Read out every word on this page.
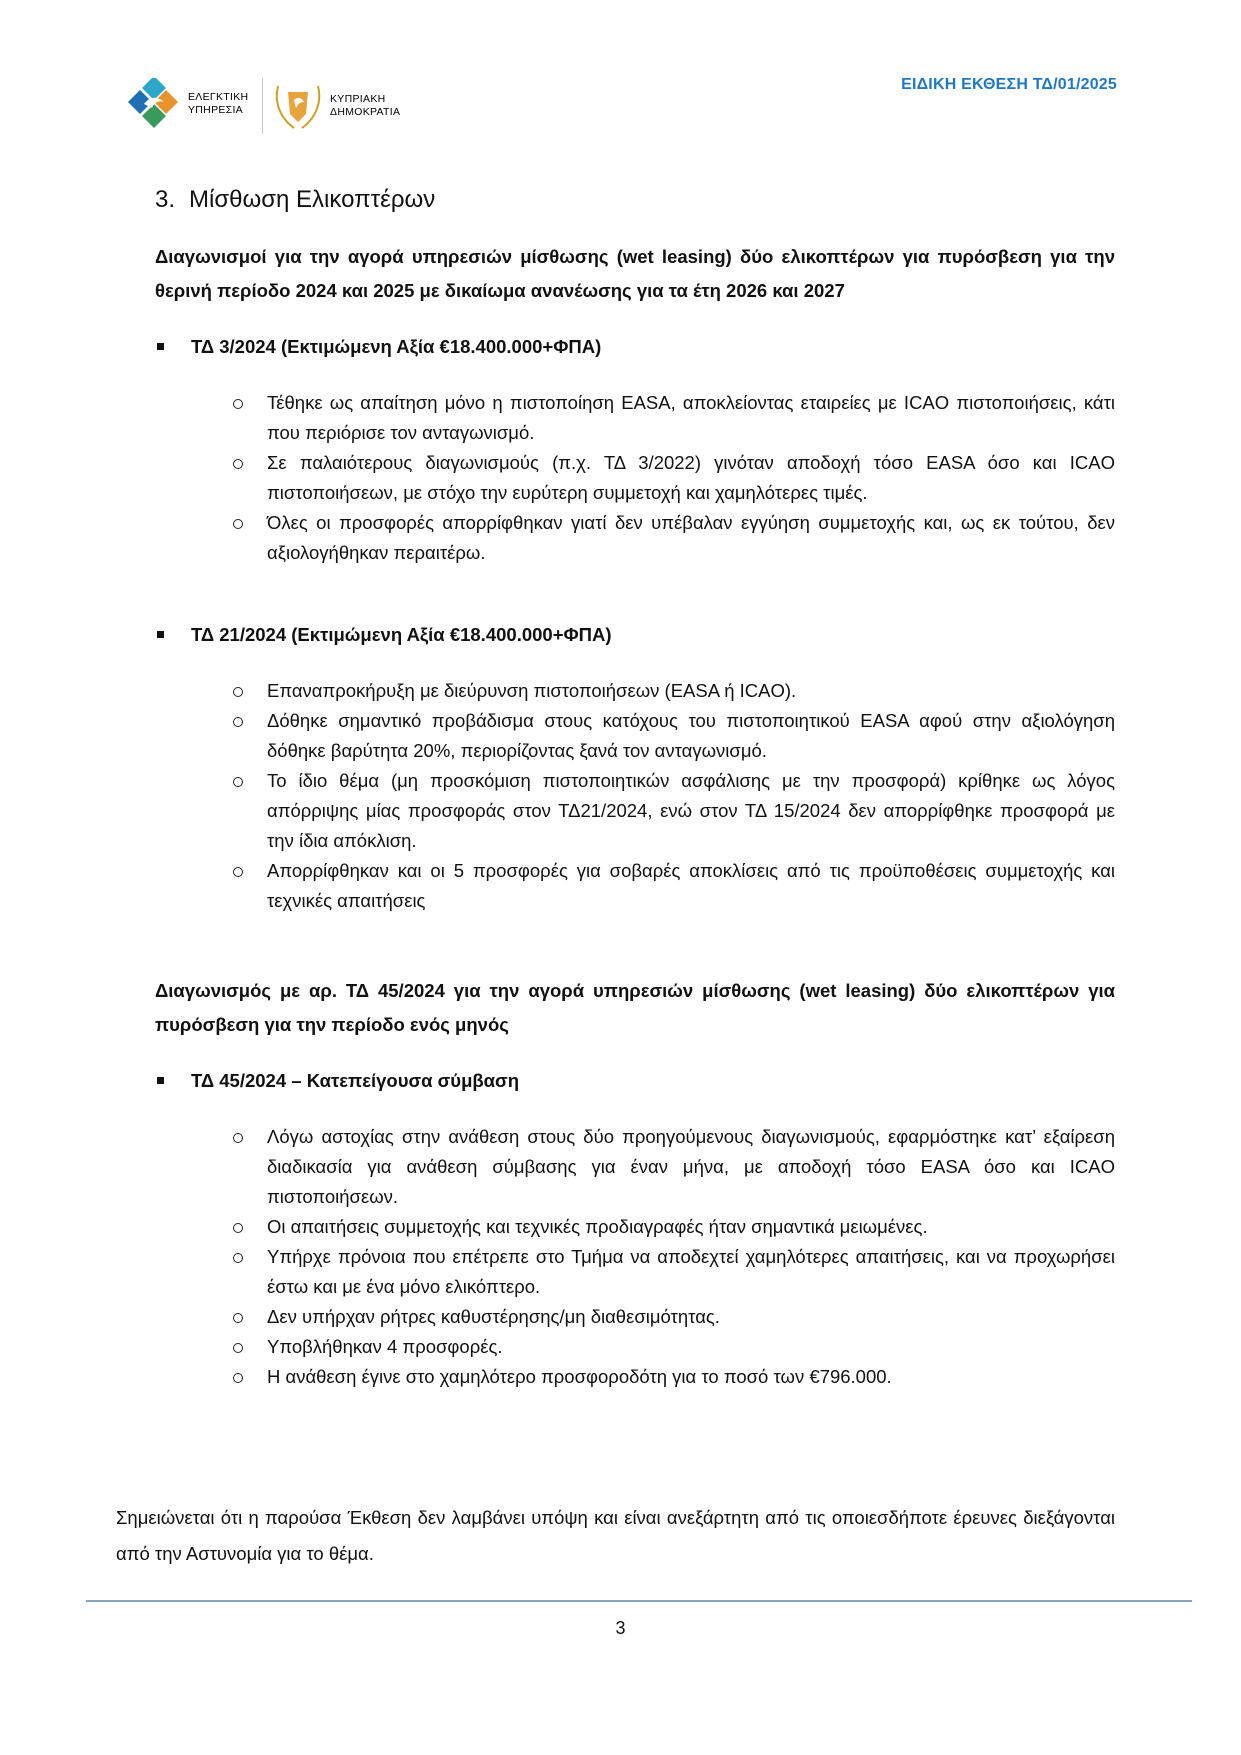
ΕΛΕΓΚΤΙΚΗ
ΥΠΗΡΕΣΙΑ
ΚΥΠΡΙΑΚΗ
ΔΗΜΟΚΡΑΤΙΑ
ΕΙΔΙΚΗ ΕΚΘΕΣΗ ΤΔ/01/2025
3. Μίσθωση Ελικοπτέρων
Διαγωνισμοί για την αγορά υπηρεσιών μίσθωσης (wet leasing) δύο ελικοπτέρων για πυρόσβεση για την θερινή περίοδο 2024 και 2025 με δικαίωμα ανανέωσης για τα έτη 2026 και 2027
ΤΔ 3/2024 (Εκτιμώμενη Αξία €18.400.000+ΦΠΑ)
Τέθηκε ως απαίτηση μόνο η πιστοποίηση EASA, αποκλείοντας εταιρείες με ICAO πιστοποιήσεις, κάτι που περιόρισε τον ανταγωνισμό.
Σε παλαιότερους διαγωνισμούς (π.χ. ΤΔ 3/2022) γινόταν αποδοχή τόσο EASA όσο και ICAO πιστοποιήσεων, με στόχο την ευρύτερη συμμετοχή και χαμηλότερες τιμές.
Όλες οι προσφορές απορρίφθηκαν γιατί δεν υπέβαλαν εγγύηση συμμετοχής και, ως εκ τούτου, δεν αξιολογήθηκαν περαιτέρω.
ΤΔ 21/2024 (Εκτιμώμενη Αξία €18.400.000+ΦΠΑ)
Επαναπροκήρυξη με διεύρυνση πιστοποιήσεων (EASA ή ICAO).
Δόθηκε σημαντικό προβάδισμα στους κατόχους του πιστοποιητικού EASA αφού στην αξιολόγηση δόθηκε βαρύτητα 20%, περιορίζοντας ξανά τον ανταγωνισμό.
Το ίδιο θέμα (μη προσκόμιση πιστοποιητικών ασφάλισης με την προσφορά) κρίθηκε ως λόγος απόρριψης μίας προσφοράς στον ΤΔ21/2024, ενώ στον ΤΔ 15/2024 δεν απορρίφθηκε προσφορά με την ίδια απόκλιση.
Απορρίφθηκαν και οι 5 προσφορές για σοβαρές αποκλίσεις από τις προϋποθέσεις συμμετοχής και τεχνικές απαιτήσεις
Διαγωνισμός με αρ. ΤΔ 45/2024 για την αγορά υπηρεσιών μίσθωσης (wet leasing) δύο ελικοπτέρων για πυρόσβεση για την περίοδο ενός μηνός
ΤΔ 45/2024 – Κατεπείγουσα σύμβαση
Λόγω αστοχίας στην ανάθεση στους δύο προηγούμενους διαγωνισμούς, εφαρμόστηκε κατ’ εξαίρεση διαδικασία για ανάθεση σύμβασης για έναν μήνα, με αποδοχή τόσο EASA όσο και ICAO πιστοποιήσεων.
Οι απαιτήσεις συμμετοχής και τεχνικές προδιαγραφές ήταν σημαντικά μειωμένες.
Υπήρχε πρόνοια που επέτρεπε στο Τμήμα να αποδεχτεί χαμηλότερες απαιτήσεις, και να προχωρήσει έστω και με ένα μόνο ελικόπτερο.
Δεν υπήρχαν ρήτρες καθυστέρησης/μη διαθεσιμότητας.
Υποβλήθηκαν 4 προσφορές.
Η ανάθεση έγινε στο χαμηλότερο προσφοροδότη για το ποσό των €796.000.
Σημειώνεται ότι η παρούσα Έκθεση δεν λαμβάνει υπόψη και είναι ανεξάρτητη από τις οποιεσδήποτε έρευνες διεξάγονται από την Αστυνομία για το θέμα.
3
